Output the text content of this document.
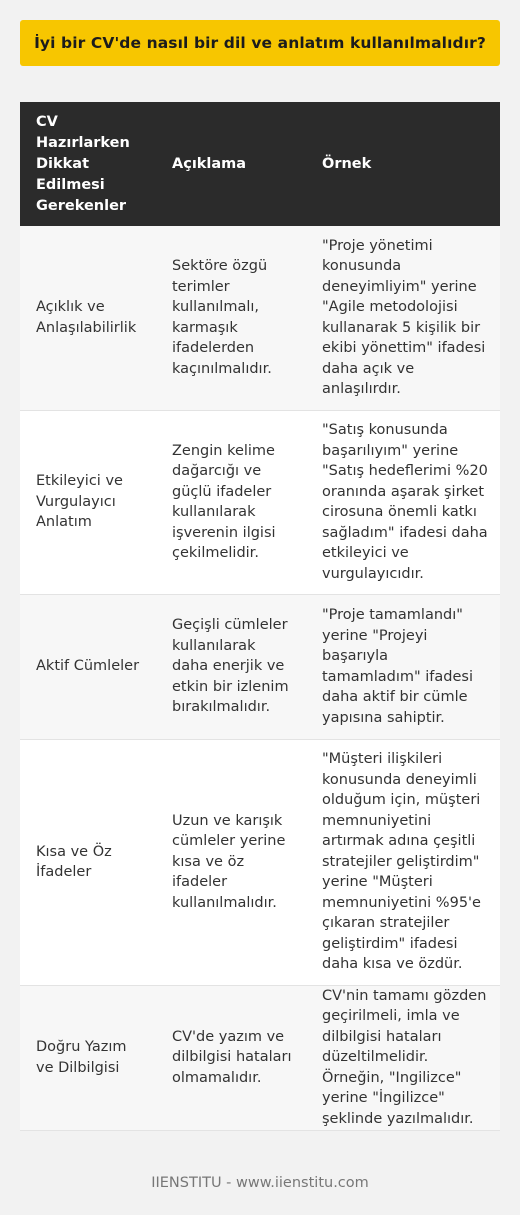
İyi bir CV'de nasıl bir dil ve anlatım kullanılmalıdır?
CV Hazırlarken Dikkat Edilmesi Gerekenler	Açıklama	Örnek
Açıklık ve Anlaşılabilirlik	Sektöre özgü terimler kullanılmalı, karmaşık ifadelerden kaçınılmalıdır.	"Proje yönetimi konusunda deneyimliyim" yerine "Agile metodolojisi kullanarak 5 kişilik bir ekibi yönettim" ifadesi daha açık ve anlaşılırdır.
Etkileyici ve Vurgulayıcı Anlatım	Zengin kelime dağarcığı ve güçlü ifadeler kullanılarak işverenin ilgisi çekilmelidir.	"Satış konusunda başarılıyım" yerine "Satış hedeflerimi %20 oranında aşarak şirket cirosuna önemli katkı sağladım" ifadesi daha etkileyici ve vurgulayıcıdır.
Aktif Cümleler	Geçişli cümleler kullanılarak daha enerjik ve etkin bir izlenim bırakılmalıdır.	"Proje tamamlandı" yerine "Projeyi başarıyla tamamladım" ifadesi daha aktif bir cümle yapısına sahiptir.
Kısa ve Öz İfadeler	Uzun ve karışık cümleler yerine kısa ve öz ifadeler kullanılmalıdır.	"Müşteri ilişkileri konusunda deneyimli olduğum için, müşteri memnuniyetini artırmak adına çeşitli stratejiler geliştirdim" yerine "Müşteri memnuniyetini %95'e çıkaran stratejiler geliştirdim" ifadesi daha kısa ve özdür.
Doğru Yazım ve Dilbilgisi	CV'de yazım ve dilbilgisi hataları olmamalıdır.	CV'nin tamamı gözden geçirilmeli, imla ve dilbilgisi hataları düzeltilmelidir. Örneğin, "Ingilizce" yerine "İngilizce" şeklinde yazılmalıdır.
IIENSTITU - www.iienstitu.com
